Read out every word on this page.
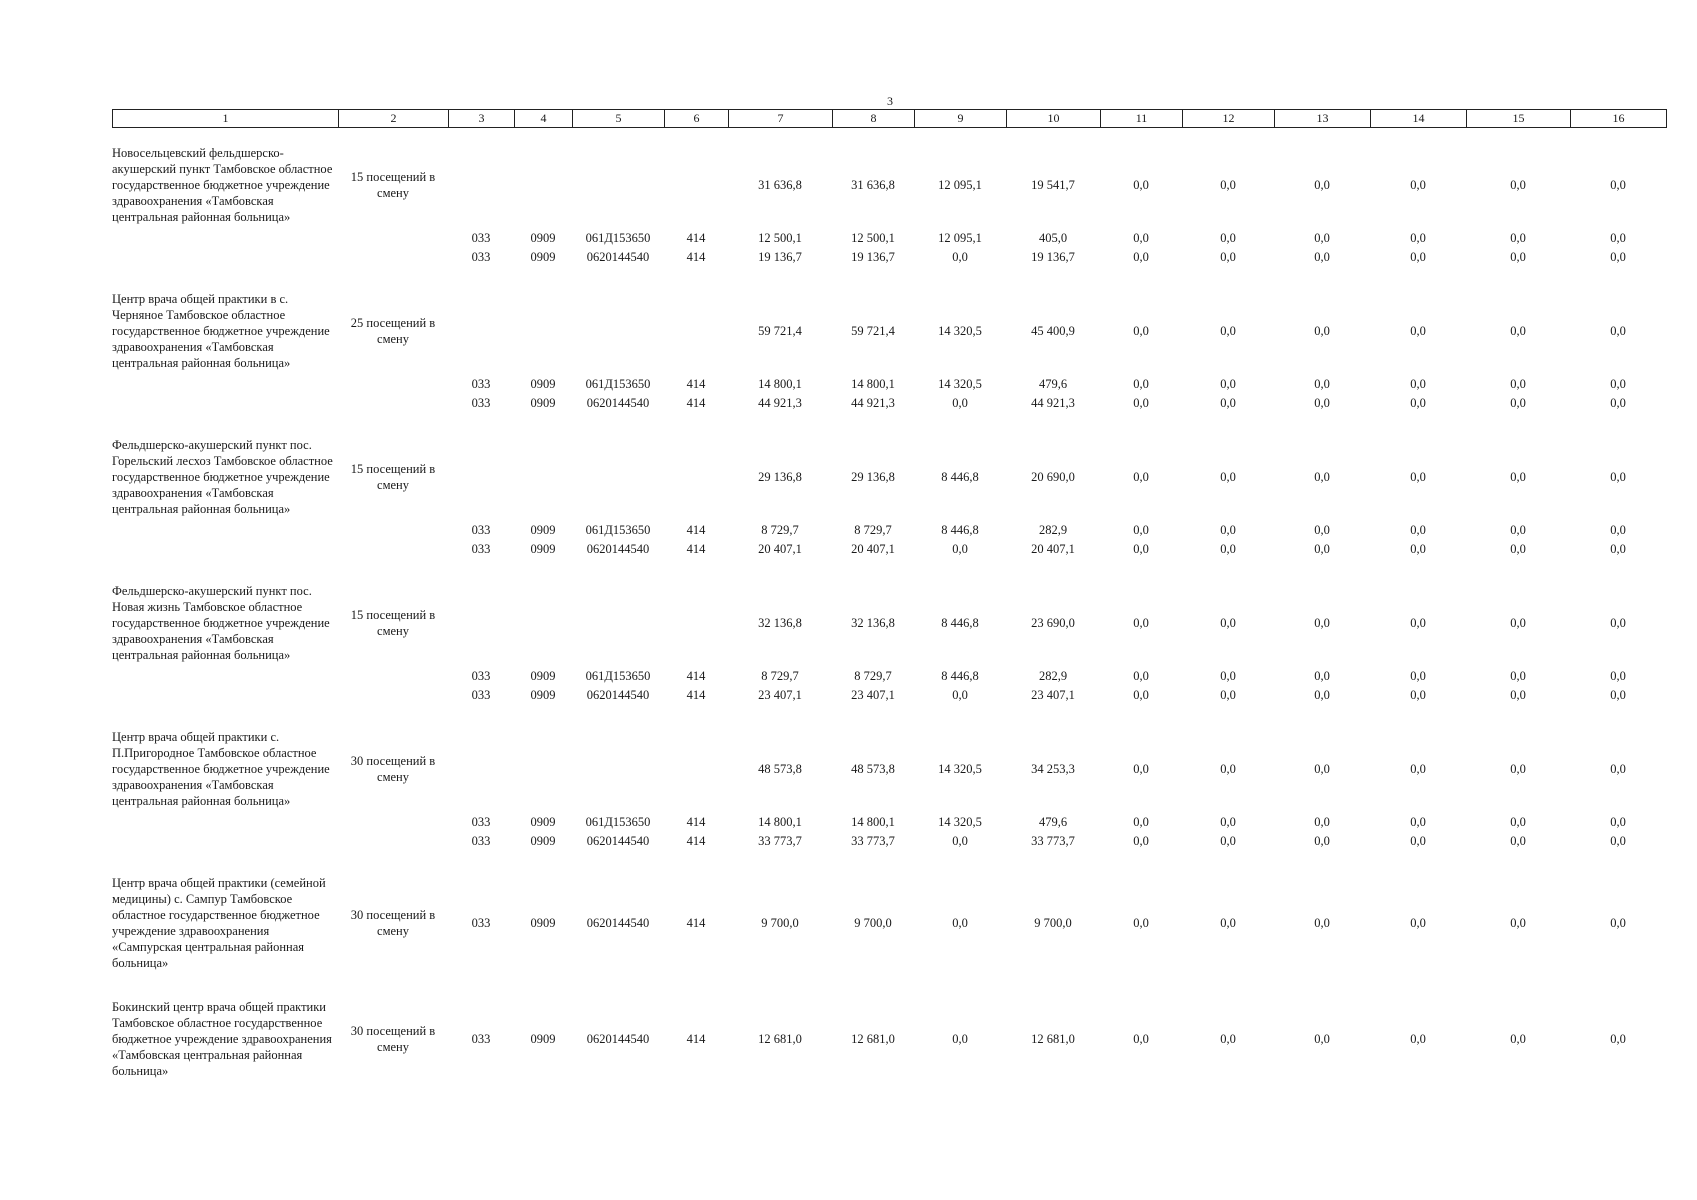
3
1	2	3	4	5	6	7	8	9	10	11	12	13	14	15	16
Новосельцевский фельдшерско-акушерский пункт Тамбовское областное государственное бюджетное учреждение здравоохранения «Тамбовская центральная районная больница»	15 посещений в смену					31 636,8	31 636,8	12 095,1	19 541,7	0,0	0,0	0,0	0,0	0,0	0,0
		033	0909	061Д153650	414	12 500,1	12 500,1	12 095,1	405,0	0,0	0,0	0,0	0,0	0,0	0,0
		033	0909	0620144540	414	19 136,7	19 136,7	0,0	19 136,7	0,0	0,0	0,0	0,0	0,0	0,0

Центр врача общей практики в с. Черняное Тамбовское областное государственное бюджетное учреждение здравоохранения «Тамбовская центральная районная больница»	25 посещений в смену					59 721,4	59 721,4	14 320,5	45 400,9	0,0	0,0	0,0	0,0	0,0	0,0
		033	0909	061Д153650	414	14 800,1	14 800,1	14 320,5	479,6	0,0	0,0	0,0	0,0	0,0	0,0
		033	0909	0620144540	414	44 921,3	44 921,3	0,0	44 921,3	0,0	0,0	0,0	0,0	0,0	0,0

Фельдшерско-акушерский пункт пос. Горельский лесхоз Тамбовское областное государственное бюджетное учреждение здравоохранения «Тамбовская центральная районная больница»	15 посещений в смену					29 136,8	29 136,8	8 446,8	20 690,0	0,0	0,0	0,0	0,0	0,0	0,0
		033	0909	061Д153650	414	8 729,7	8 729,7	8 446,8	282,9	0,0	0,0	0,0	0,0	0,0	0,0
		033	0909	0620144540	414	20 407,1	20 407,1	0,0	20 407,1	0,0	0,0	0,0	0,0	0,0	0,0

Фельдшерско-акушерский пункт пос. Новая жизнь Тамбовское областное государственное бюджетное учреждение здравоохранения «Тамбовская центральная районная больница»	15 посещений в смену					32 136,8	32 136,8	8 446,8	23 690,0	0,0	0,0	0,0	0,0	0,0	0,0
		033	0909	061Д153650	414	8 729,7	8 729,7	8 446,8	282,9	0,0	0,0	0,0	0,0	0,0	0,0
		033	0909	0620144540	414	23 407,1	23 407,1	0,0	23 407,1	0,0	0,0	0,0	0,0	0,0	0,0

Центр врача общей практики с. П.Пригородное Тамбовское областное государственное бюджетное учреждение здравоохранения «Тамбовская центральная районная больница»	30 посещений в смену					48 573,8	48 573,8	14 320,5	34 253,3	0,0	0,0	0,0	0,0	0,0	0,0
		033	0909	061Д153650	414	14 800,1	14 800,1	14 320,5	479,6	0,0	0,0	0,0	0,0	0,0	0,0
		033	0909	0620144540	414	33 773,7	33 773,7	0,0	33 773,7	0,0	0,0	0,0	0,0	0,0	0,0

Центр врача общей практики (семейной медицины) с. Сампур Тамбовское областное государственное бюджетное учреждение здравоохранения «Сампурская центральная районная больница»	30 посещений в смену	033	0909	0620144540	414	9 700,0	9 700,0	0,0	9 700,0	0,0	0,0	0,0	0,0	0,0	0,0

Бокинский центр врача общей практики Тамбовское областное государственное бюджетное учреждение здравоохранения «Тамбовская центральная районная больница»	30 посещений в смену	033	0909	0620144540	414	12 681,0	12 681,0	0,0	12 681,0	0,0	0,0	0,0	0,0	0,0	0,0
